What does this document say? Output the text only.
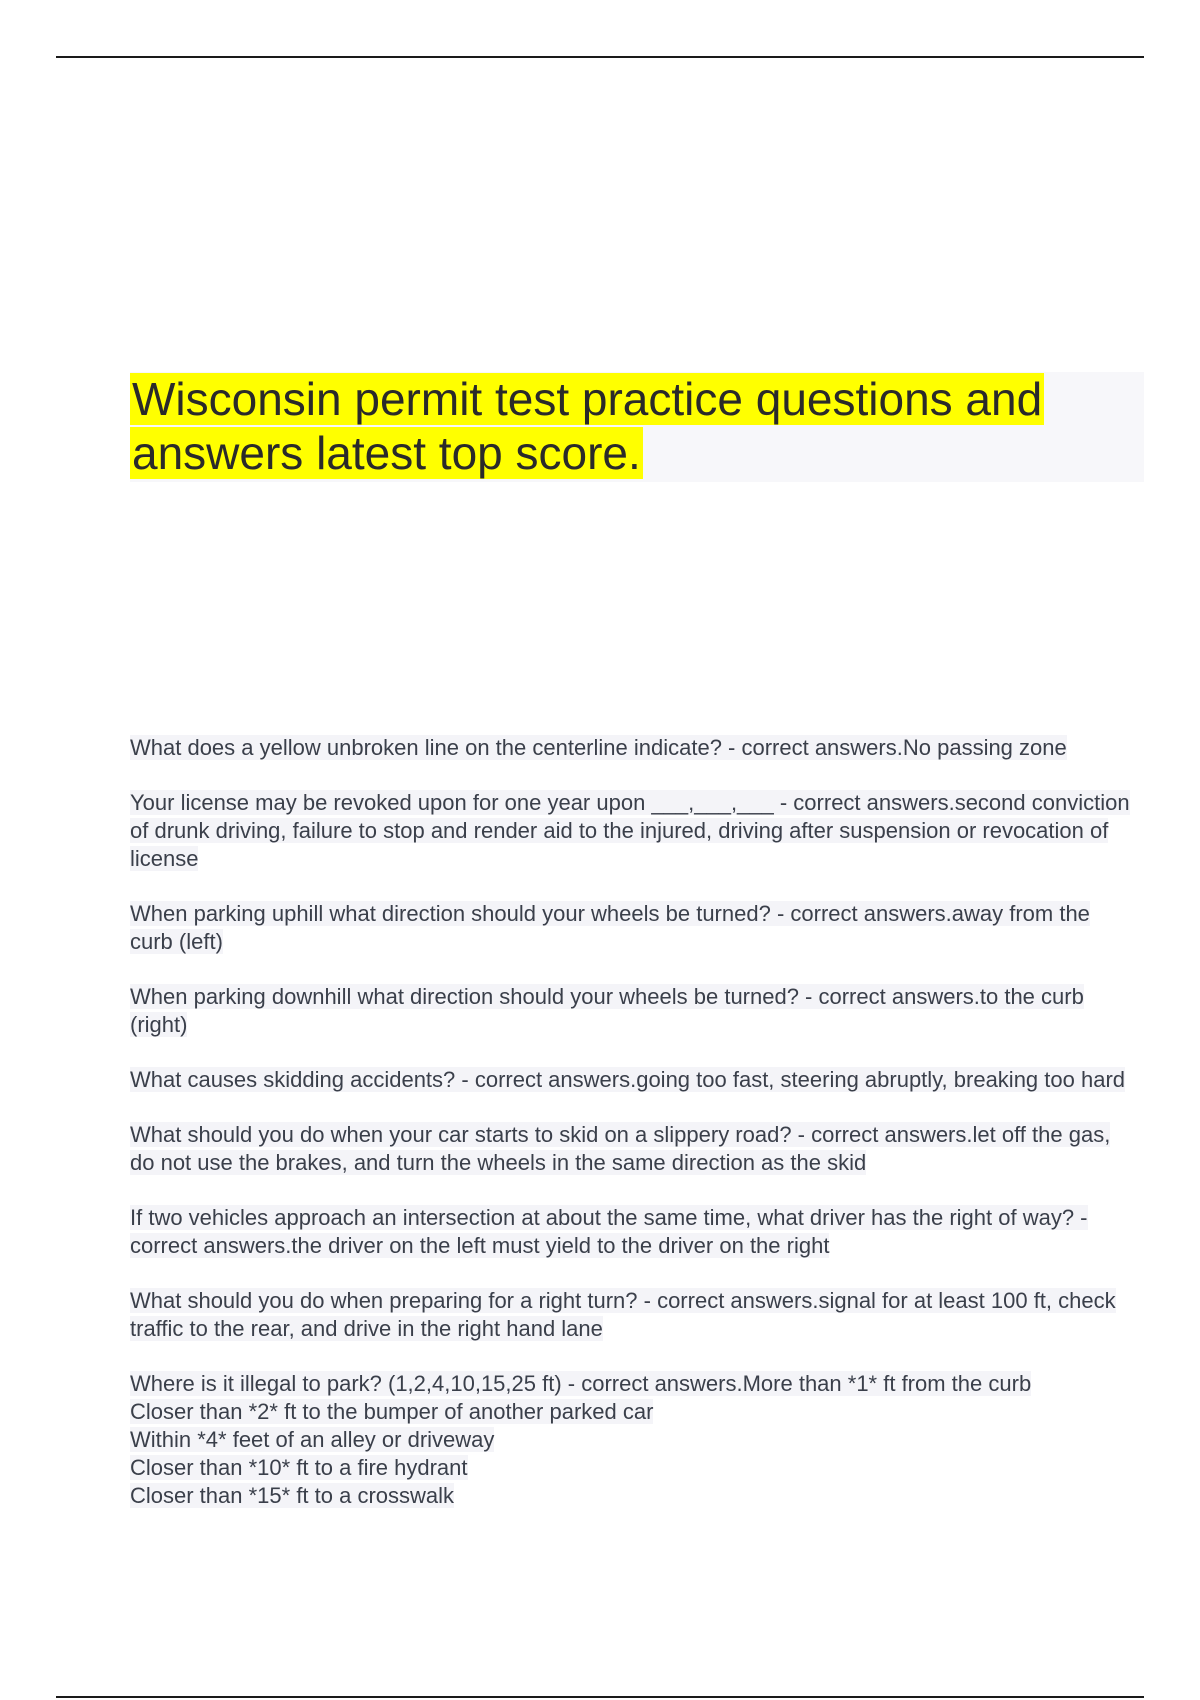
Wisconsin permit test practice questions and answers latest top score.

What does a yellow unbroken line on the centerline indicate? - correct answers.No passing zone

Your license may be revoked upon for one year upon ___,___,___ - correct answers.second conviction of drunk driving, failure to stop and render aid to the injured, driving after suspension or revocation of license

When parking uphill what direction should your wheels be turned? - correct answers.away from the curb (left)

When parking downhill what direction should your wheels be turned? - correct answers.to the curb (right)

What causes skidding accidents? - correct answers.going too fast, steering abruptly, breaking too hard

What should you do when your car starts to skid on a slippery road? - correct answers.let off the gas, do not use the brakes, and turn the wheels in the same direction as the skid

If two vehicles approach an intersection at about the same time, what driver has the right of way? - correct answers.the driver on the left must yield to the driver on the right

What should you do when preparing for a right turn? - correct answers.signal for at least 100 ft, check traffic to the rear, and drive in the right hand lane

Where is it illegal to park? (1,2,4,10,15,25 ft) - correct answers.More than *1* ft from the curb
Closer than *2* ft to the bumper of another parked car
Within *4* feet of an alley or driveway
Closer than *10* ft to a fire hydrant
Closer than *15* ft to a crosswalk
